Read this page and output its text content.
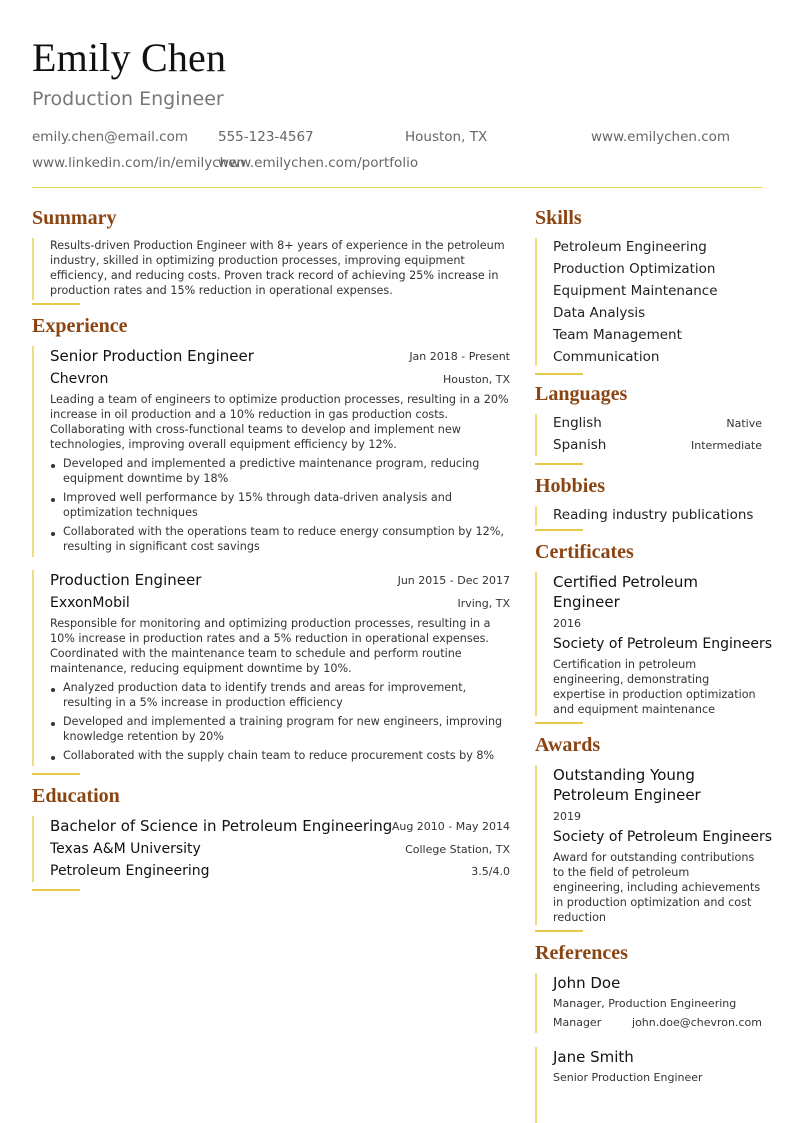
Emily Chen
Production Engineer
emily.chen@email.com 555-123-4567	Houston, TX	www.emilychen.com
www.linkedin.com/in/emilychen
www.emilychen.com/portfolio
Summary
Results-driven Production Engineer with 8+ years of experience in the petroleum industry, skilled in optimizing production processes, improving equipment efficiency, and reducing costs. Proven track record of achieving 25% increase in production rates and 15% reduction in operational expenses.
Experience
Senior Production Engineer	Jan 2018 - Present
Chevron	Houston, TX
Leading a team of engineers to optimize production processes, resulting in a 20% increase in oil production and a 10% reduction in gas production costs. Collaborating with cross-functional teams to develop and implement new technologies, improving overall equipment efficiency by 12%.
Developed and implemented a predictive maintenance program, reducing equipment downtime by 18%
Improved well performance by 15% through data-driven analysis and optimization techniques
Collaborated with the operations team to reduce energy consumption by 12%, resulting in significant cost savings
Production Engineer	Jun 2015 - Dec 2017
ExxonMobil	Irving, TX
Responsible for monitoring and optimizing production processes, resulting in a 10% increase in production rates and a 5% reduction in operational expenses. Coordinated with the maintenance team to schedule and perform routine maintenance, reducing equipment downtime by 10%.
Analyzed production data to identify trends and areas for improvement, resulting in a 5% increase in production efficiency
Developed and implemented a training program for new engineers, improving knowledge retention by 20%
Collaborated with the supply chain team to reduce procurement costs by 8%
Education
Bachelor of Science in Petroleum Engineering Aug 2010 - May 2014
Texas A&M University	College Station, TX
Petroleum Engineering	3.5/4.0
Skills
Petroleum Engineering
Production Optimization
Equipment Maintenance
Data Analysis
Team Management
Communication
Languages
English	Native
Spanish	Intermediate
Hobbies
Reading industry publications
Certificates
Certified Petroleum
Engineer
2016
Society of Petroleum Engineers
Certification in petroleum engineering, demonstrating expertise in production optimization and equipment maintenance
Awards
Outstanding Young
Petroleum Engineer
2019
Society of Petroleum Engineers
Award for outstanding contributions to the field of petroleum engineering, including achievements in production optimization and cost reduction
References
John Doe
Manager, Production Engineering
Manager	john.doe@chevron.com
Jane Smith
Senior Production Engineer
